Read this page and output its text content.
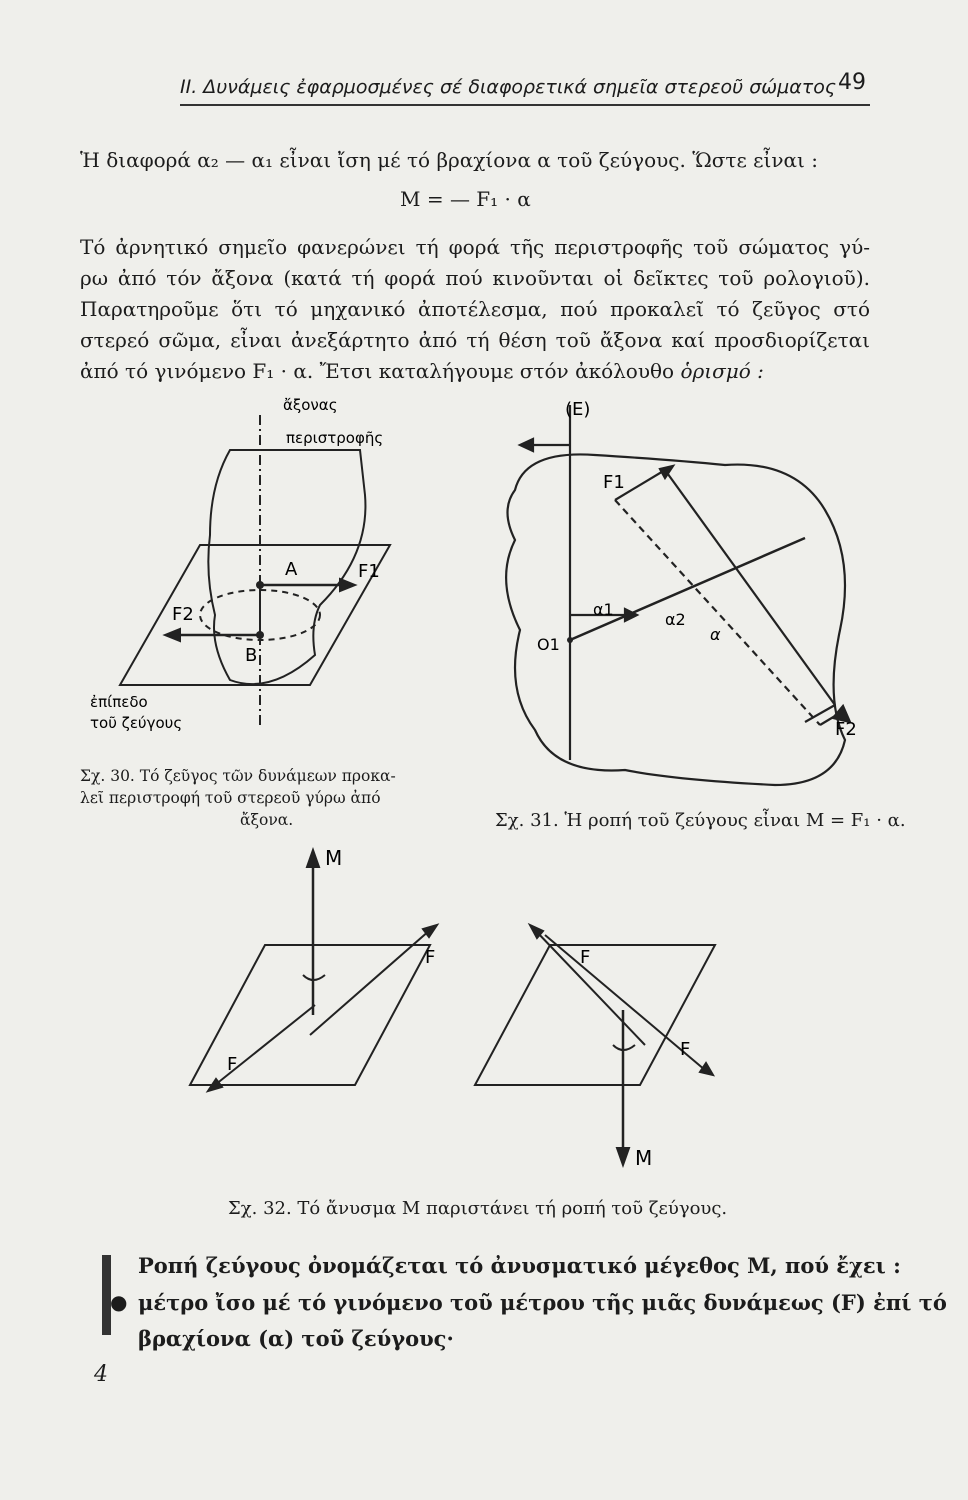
II. Δυνάμεις ἐφαρμοσμένες σέ διαφορετικά σημεῖα στερεοῦ σώματος 49

Ἡ διαφορά α₂ — α₁ εἶναι ἴση μέ τό βραχίονα α τοῦ ζεύγους. Ὥστε εἶναι :

M = — F₁ · α

Τό ἀρνητικό σημεῖο φανερώνει τή φορά τῆς περιστροφῆς τοῦ σώματος γύ-
ρω ἀπό τόν ἄξονα (κατά τή φορά πού κινοῦνται οἱ δεῖκτες τοῦ ρολογιοῦ).
Παρατηροῦμε ὅτι τό μηχανικό ἀποτέλεσμα, πού προκαλεῖ τό ζεῦγος στό
στερεό σῶμα, εἶναι ἀνεξάρτητο ἀπό τή θέση τοῦ ἄξονα καί προσδιορίζεται
ἀπό τό γινόμενο F₁ · α. Ἔτσι καταλήγουμε στόν ἀκόλουθο ὁρισμό :

ἄξονας
περιστροφῆς
A
B
F1
F2
ἐπίπεδο
τοῦ ζεύγους

Σχ. 30. Τό ζεῦγος τῶν δυνάμεων προκα-
λεῖ περιστροφή τοῦ στερεοῦ γύρω ἀπό
ἄξονα.

(E)
F1
F2
α1
α2
α
O1
Σχ. 31. Ἡ ροπή τοῦ ζεύγους εἶναι M = F₁ · α.
M
M
F
F
F
F
Σχ. 32. Τό ἄνυσμα M παριστάνει τή ροπή τοῦ ζεύγους.
Ροπή ζεύγους ὀνομάζεται τό ἀνυσματικό μέγεθος M, πού ἔχει :
● μέτρο ἴσο μέ τό γινόμενο τοῦ μέτρου τῆς μιᾶς δυνάμεως (F) ἐπί τό
βραχίονα (α) τοῦ ζεύγους·
4
